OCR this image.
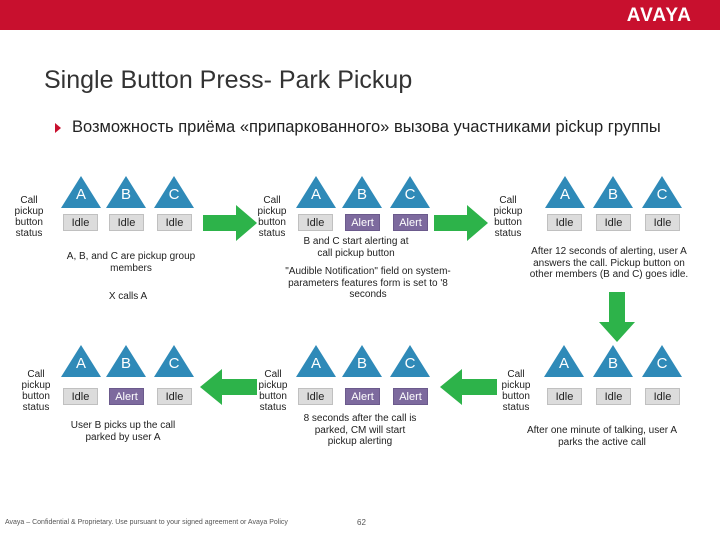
AVAYA
Single Button Press- Park Pickup
Возможность приёма «припаркованного» вызова участниками pickup группы
Call
pickup
button
status
A	B	C
Idle	Idle	Idle
A, B, and C are pickup group members
X calls A
Call
pickup
button
status
A	B	C
Idle	Alert	Alert
B and C start alerting at call pickup button
"Audible Notification" field on system-parameters features form is set to '8 seconds
Call
pickup
button
status
A	B	C
Idle	Idle	Idle
After 12 seconds of alerting, user A answers the call. Pickup button on other members (B and C) goes idle.
Call
pickup
button
status
A	B	C
Idle	Idle	Idle
After one minute of talking, user A parks the active call
Call
pickup
button
status
A	B	C
Idle	Alert	Alert
8 seconds after the call is parked, CM will start pickup alerting
Call
pickup
button
status
A	B	C
Idle	Alert	Idle
User B picks up the call parked by user A
Avaya – Confidential & Proprietary. Use pursuant to your signed agreement or Avaya Policy	62
